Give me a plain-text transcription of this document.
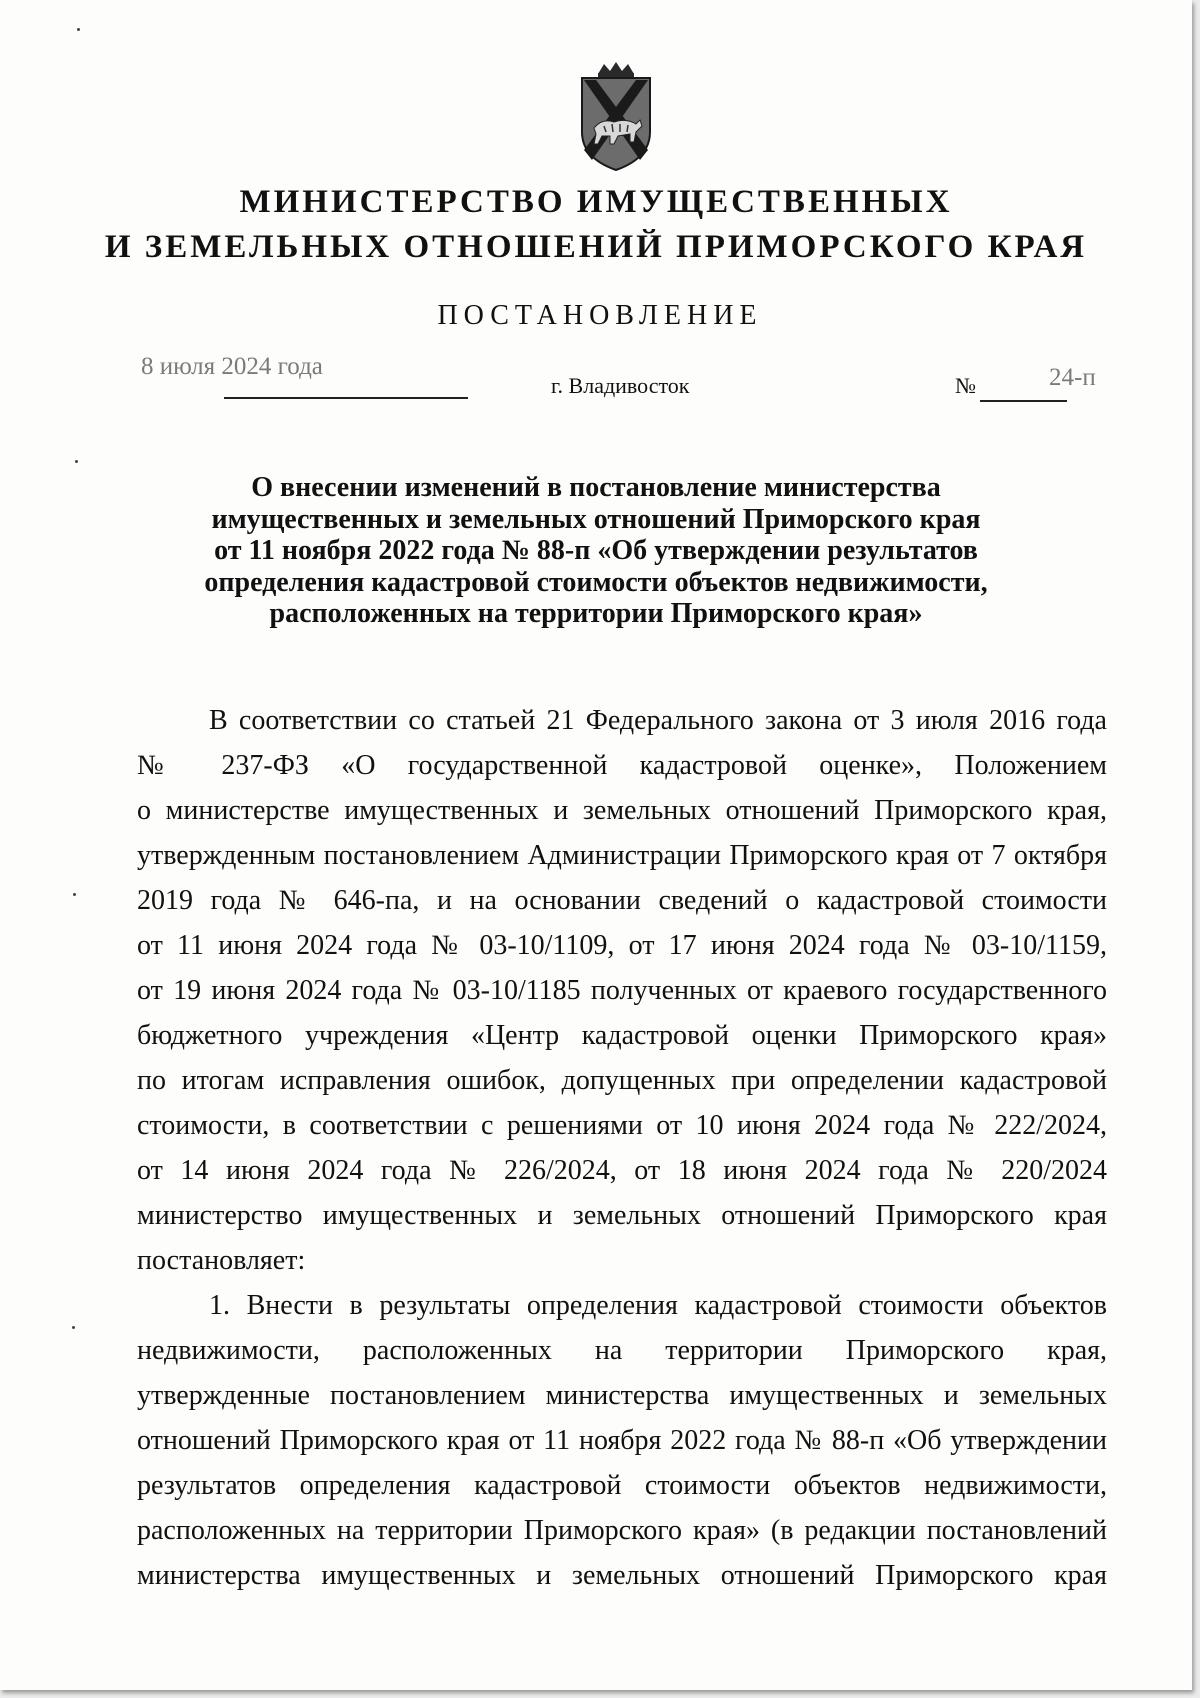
МИНИСТЕРСТВО ИМУЩЕСТВЕННЫХ
И ЗЕМЕЛЬНЫХ ОТНОШЕНИЙ ПРИМОРСКОГО КРАЯ
ПОСТАНОВЛЕНИЕ
8 июля 2024 года
г. Владивосток	№	24-п
О внесении изменений в постановление министерства
имущественных и земельных отношений Приморского края
от 11 ноября 2022 года № 88-п «Об утверждении результатов
определения кадастровой стоимости объектов недвижимости,
расположенных на территории Приморского края»
В соответствии со статьей 21 Федерального закона от 3 июля 2016 года
№ 237-ФЗ «О государственной кадастровой оценке», Положением
о министерстве имущественных и земельных отношений Приморского края,
утвержденным постановлением Администрации Приморского края от 7 октября
2019 года № 646-па, и на основании сведений о кадастровой стоимости
от 11 июня 2024 года № 03-10/1109, от 17 июня 2024 года № 03-10/1159,
от 19 июня 2024 года № 03-10/1185 полученных от краевого государственного
бюджетного учреждения «Центр кадастровой оценки Приморского края»
по итогам исправления ошибок, допущенных при определении кадастровой
стоимости, в соответствии с решениями от 10 июня 2024 года № 222/2024,
от 14 июня 2024 года № 226/2024, от 18 июня 2024 года № 220/2024
министерство имущественных и земельных отношений Приморского края
постановляет:
1. Внести в результаты определения кадастровой стоимости объектов
недвижимости, расположенных на территории Приморского края,
утвержденные постановлением министерства имущественных и земельных
отношений Приморского края от 11 ноября 2022 года № 88-п «Об утверждении
результатов определения кадастровой стоимости объектов недвижимости,
расположенных на территории Приморского края» (в редакции постановлений
министерства имущественных и земельных отношений Приморского края
